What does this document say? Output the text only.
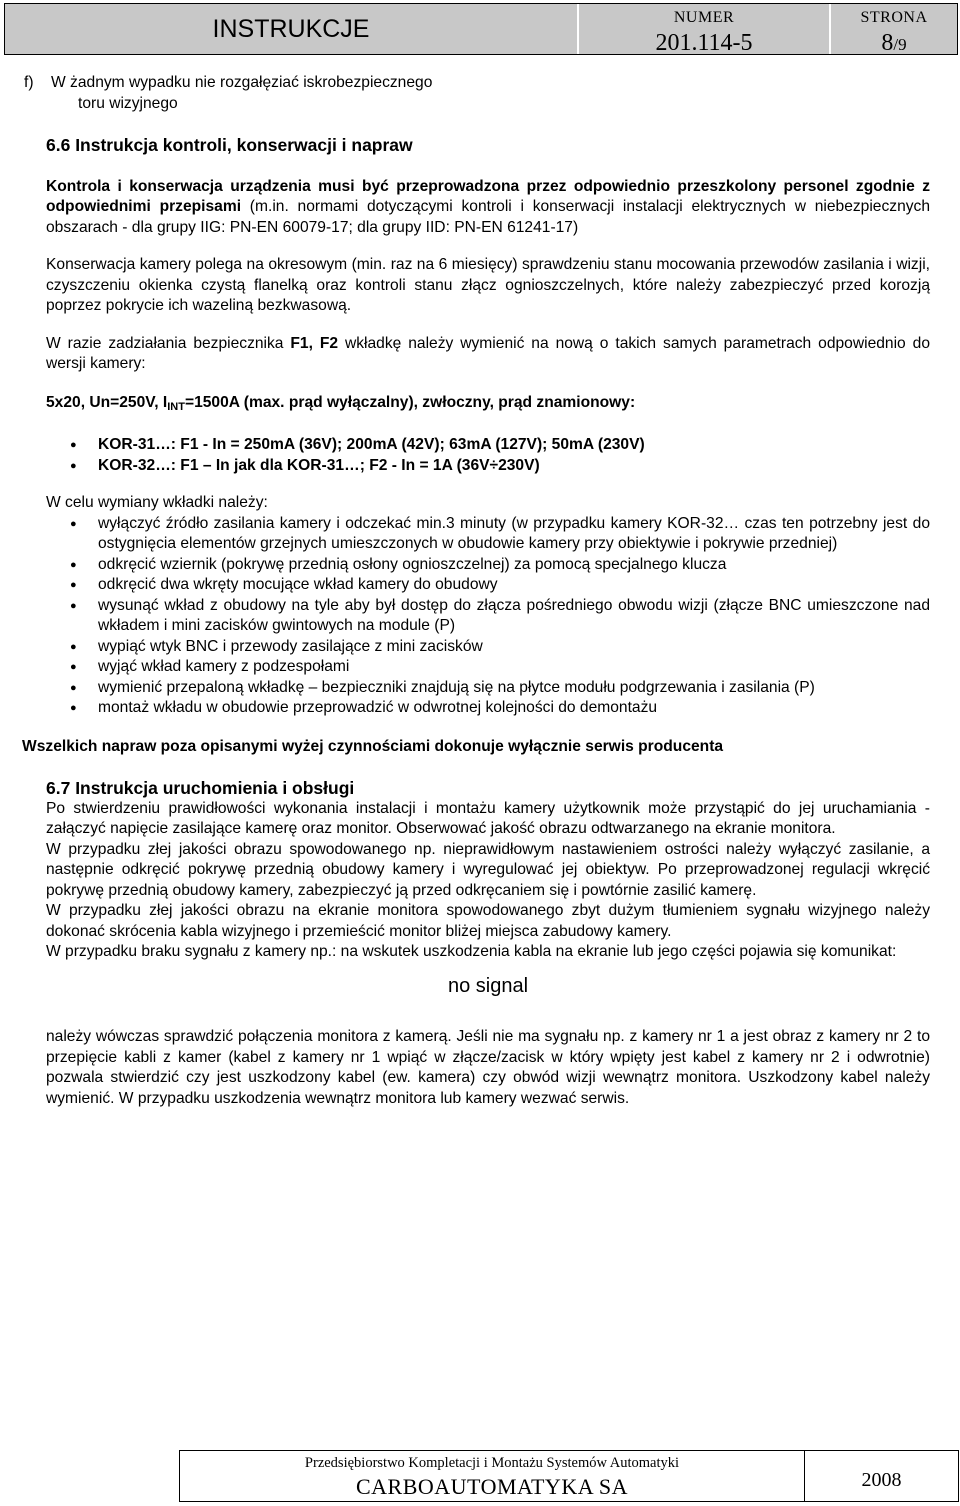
INSTRUKCJE	NUMER
201.114-5
STRONA
8/9
f) W żadnym wypadku nie rozgałęziać iskrobezpiecznego

toru wizyjnego

6.6 Instrukcja kontroli, konserwacji i napraw

Kontrola i konserwacja urządzenia musi być przeprowadzona przez odpowiednio przeszkolony personel zgodnie z odpowiednimi przepisami (m.in. normami dotyczącymi kontroli i konserwacji instalacji elektrycznych w niebezpiecznych obszarach - dla grupy IIG: PN-EN 60079-17; dla grupy IID: PN-EN 61241-17)

Konserwacja kamery polega na okresowym (min. raz na 6 miesięcy) sprawdzeniu stanu mocowania przewodów zasilania i wizji, czyszczeniu okienka czystą flanelką oraz kontroli stanu złącz ognioszczelnych, które należy zabezpieczyć przed korozją poprzez pokrycie ich wazeliną bezkwasową.

W razie zadziałania bezpiecznika F1, F2 wkładkę należy wymienić na nową o takich samych parametrach odpowiednio do wersji kamery:

5x20, Un=250V, $I_{INT}=1500A$ (max. prąd wyłączalny), zwłoczny, prąd znamionowy:

● KOR-31…: F1 - In = 250mA (36V); 200mA (42V); 63mA (127V); 50mA (230V)
● KOR-32…: F1 – In jak dla KOR-31…; F2 - In = 1A (36V÷230V)

W celu wymiany wkładki należy:

● wyłączyć źródło zasilania kamery i odczekać min.3 minuty (w przypadku kamery KOR-32… czas ten potrzebny jest do ostygnięcia elementów grzejnych umieszczonych w obudowie kamery przy obiektywie i pokrywie przedniej)
● odkręcić wziernik (pokrywę przednią osłony ognioszczelnej) za pomocą specjalnego klucza
● odkręcić dwa wkręty mocujące wkład kamery do obudowy
● wysunąć wkład z obudowy na tyle aby był dostęp do złącza pośredniego obwodu wizji (złącze BNC umieszczone nad wkładem i mini zacisków gwintowych na module (P)
● wypiąć wtyk BNC i przewody zasilające z mini zacisków
● wyjąć wkład kamery z podzespołami
● wymienić przepaloną wkładkę – bezpieczniki znajdują się na płytce modułu podgrzewania i zasilania (P)
● montaż wkładu w obudowie przeprowadzić w odwrotnej kolejności do demontażu

Wszelkich napraw poza opisanymi wyżej czynnościami dokonuje wyłącznie serwis producenta

6.7 Instrukcja uruchomienia i obsługi

Po stwierdzeniu prawidłowości wykonania instalacji i montażu kamery użytkownik może przystąpić do jej uruchamiania - załączyć napięcie zasilające kamerę oraz monitor. Obserwować jakość obrazu odtwarzanego na ekranie monitora.

W przypadku złej jakości obrazu spowodowanego np. nieprawidłowym nastawieniem ostrości należy wyłączyć zasilanie, a następnie odkręcić pokrywę przednią obudowy kamery i wyregulować jej obiektyw. Po przeprowadzonej regulacji wkręcić pokrywę przednią obudowy kamery, zabezpieczyć ją przed odkręcaniem się i powtórnie zasilić kamerę.

W przypadku złej jakości obrazu na ekranie monitora spowodowanego zbyt dużym tłumieniem sygnału wizyjnego należy dokonać skrócenia kabla wizyjnego i przemieścić monitor bliżej miejsca zabudowy kamery.

W przypadku braku sygnału z kamery np.: na wskutek uszkodzenia kabla na ekranie lub jego części pojawia się komunikat:

no signal

należy wówczas sprawdzić połączenia monitora z kamerą. Jeśli nie ma sygnału np. z kamery nr 1 a jest obraz z kamery nr 2 to przepięcie kabli z kamer (kabel z kamery nr 1 wpiąć w złącze/zacisk w który wpięty jest kabel z kamery nr 2 i odwrotnie) pozwala stwierdzić czy jest uszkodzony kabel (ew. kamera) czy obwód wizji wewnątrz monitora. Uszkodzony kabel należy wymienić. W przypadku uszkodzenia wewnątrz monitora lub kamery wezwać serwis.

Przedsiębiorstwo Kompletacji i Montażu Systemów Automatyki
CARBOAUTOMATYKA SA	2008
